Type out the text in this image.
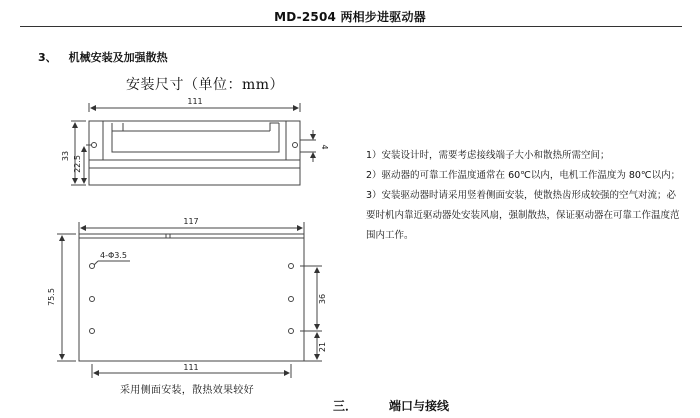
MD-2504 两相步进驱动器
3、 机械安装及加强散热
安装尺寸（单位：mm）
111
33 22.5
4
117
75.5
4-Φ3.5
36
21
111

1）安装设计时，需要考虑接线端子大小和散热所需空间；

2）驱动器的可靠工作温度通常在 60℃以内，电机工作温度为 80℃以内；

3）安装驱动器时请采用竖着侧面安装，使散热齿形成较强的空气对流；必

要时机内靠近驱动器处安装风扇，强制散热，保证驱动器在可靠工作温度范

围内工作。

采用侧面安装，散热效果较好
三．	端口与接线
